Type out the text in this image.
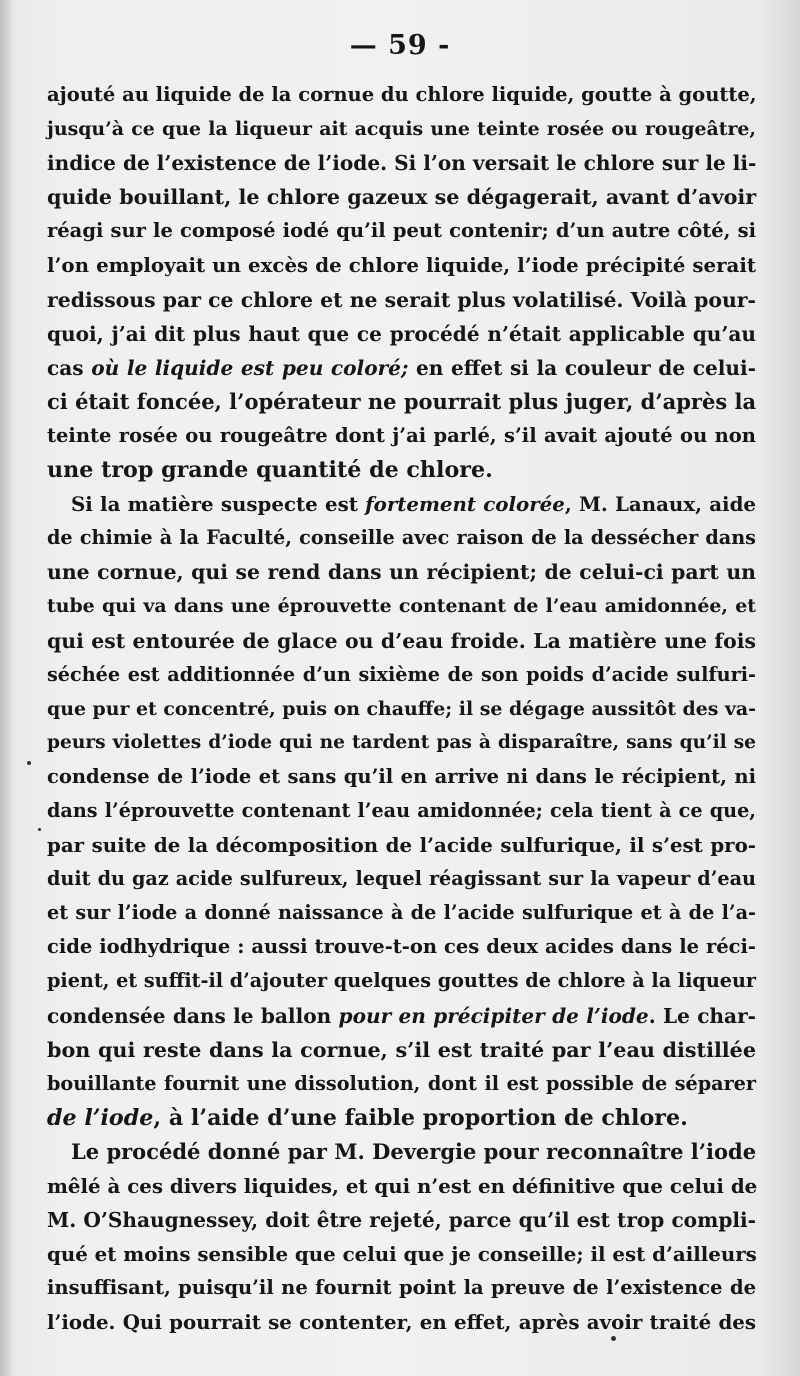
— 59 -
ajouté au liquide de la cornue du chlore liquide, goutte à goutte,
jusqu’à ce que la liqueur ait acquis une teinte rosée ou rougeâtre,
indice de l’existence de l’iode. Si l’on versait le chlore sur le li-
quide bouillant, le chlore gazeux se dégagerait, avant d’avoir
réagi sur le composé iodé qu’il peut contenir; d’un autre côté, si
l’on employait un excès de chlore liquide, l’iode précipité serait
redissous par ce chlore et ne serait plus volatilisé. Voilà pour-
quoi, j’ai dit plus haut que ce procédé n’était applicable qu’au
cas où le liquide est peu coloré; en effet si la couleur de celui-
ci était foncée, l’opérateur ne pourrait plus juger, d’après la
teinte rosée ou rougeâtre dont j’ai parlé, s’il avait ajouté ou non
une trop grande quantité de chlore.
Si la matière suspecte est fortement colorée, M. Lanaux, aide
de chimie à la Faculté, conseille avec raison de la dessécher dans
une cornue, qui se rend dans un récipient; de celui-ci part un
tube qui va dans une éprouvette contenant de l’eau amidonnée, et
qui est entourée de glace ou d’eau froide. La matière une fois
séchée est additionnée d’un sixième de son poids d’acide sulfuri-
que pur et concentré, puis on chauffe; il se dégage aussitôt des va-
peurs violettes d’iode qui ne tardent pas à disparaître, sans qu’il se
condense de l’iode et sans qu’il en arrive ni dans le récipient, ni
dans l’éprouvette contenant l’eau amidonnée; cela tient à ce que,
par suite de la décomposition de l’acide sulfurique, il s’est pro-
duit du gaz acide sulfureux, lequel réagissant sur la vapeur d’eau
et sur l’iode a donné naissance à de l’acide sulfurique et à de l’a-
cide iodhydrique : aussi trouve-t-on ces deux acides dans le réci-
pient, et suffit-il d’ajouter quelques gouttes de chlore à la liqueur
condensée dans le ballon pour en précipiter de l’iode. Le char-
bon qui reste dans la cornue, s’il est traité par l’eau distillée
bouillante fournit une dissolution, dont il est possible de séparer
de l’iode, à l’aide d’une faible proportion de chlore.
Le procédé donné par M. Devergie pour reconnaître l’iode
mêlé à ces divers liquides, et qui n’est en définitive que celui de
M. O’Shaugnessey, doit être rejeté, parce qu’il est trop compli-
qué et moins sensible que celui que je conseille; il est d’ailleurs
insuffisant, puisqu’il ne fournit point la preuve de l’existence de
l’iode. Qui pourrait se contenter, en effet, après avoir traité des
